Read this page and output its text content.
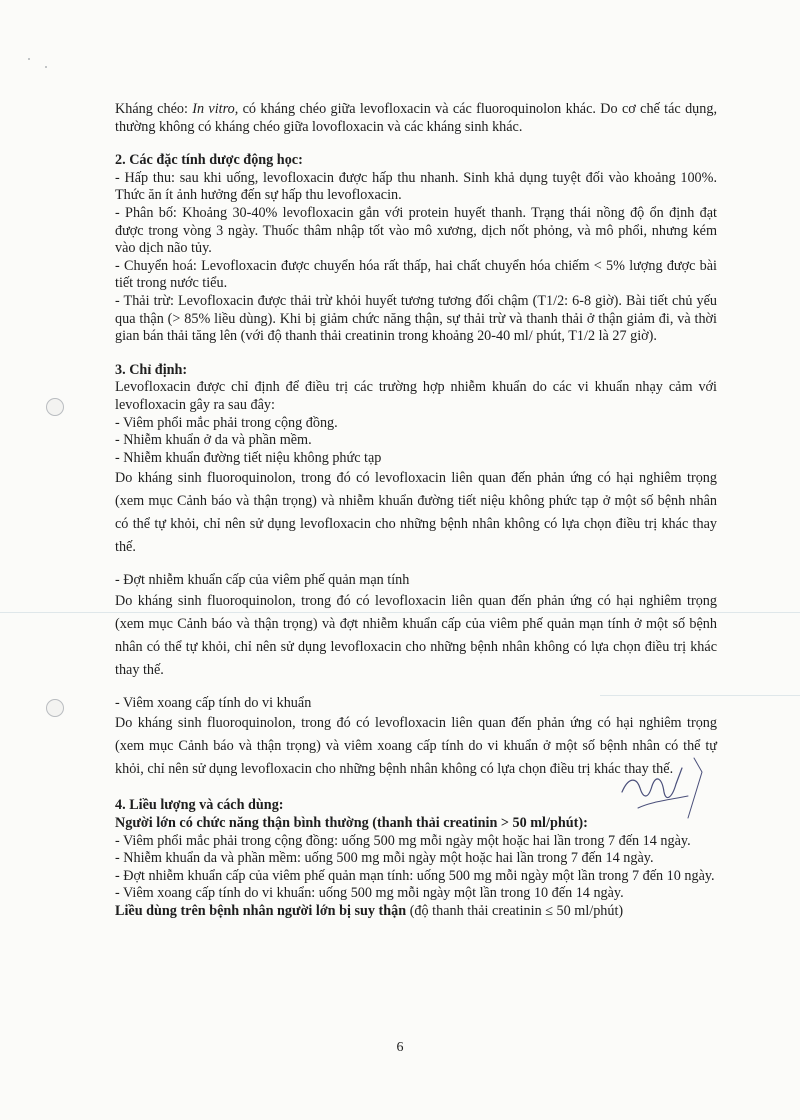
Kháng chéo: In vitro, có kháng chéo giữa levofloxacin và các fluoroquinolon khác. Do cơ chế tác dụng, thường không có kháng chéo giữa lovofloxacin và các kháng sinh khác.

2. Các đặc tính dược động học:

- Hấp thu: sau khi uống, levofloxacin được hấp thu nhanh. Sinh khả dụng tuyệt đối vào khoảng 100%. Thức ăn ít ảnh hưởng đến sự hấp thu levofloxacin.

- Phân bố: Khoảng 30-40% levofloxacin gắn với protein huyết thanh. Trạng thái nồng độ ổn định đạt được trong vòng 3 ngày. Thuốc thâm nhập tốt vào mô xương, dịch nốt phỏng, và mô phổi, nhưng kém vào dịch não tủy.

- Chuyển hoá: Levofloxacin được chuyển hóa rất thấp, hai chất chuyển hóa chiếm < 5% lượng được bài tiết trong nước tiểu.

- Thải trừ: Levofloxacin được thải trừ khỏi huyết tương tương đối chậm (T1/2: 6-8 giờ). Bài tiết chủ yếu qua thận (> 85% liều dùng). Khi bị giảm chức năng thận, sự thải trừ và thanh thải ở thận giảm đi, và thời gian bán thải tăng lên (với độ thanh thải creatinin trong khoảng 20-40 ml/ phút, T1/2 là 27 giờ).

3. Chỉ định:

Levofloxacin được chỉ định để điều trị các trường hợp nhiễm khuẩn do các vi khuẩn nhạy cảm với levofloxacin gây ra sau đây:

- Viêm phổi mắc phải trong cộng đồng.

- Nhiễm khuẩn ở da và phần mềm.

- Nhiễm khuẩn đường tiết niệu không phức tạp

Do kháng sinh fluoroquinolon, trong đó có levofloxacin liên quan đến phản ứng có hại nghiêm trọng (xem mục Cảnh báo và thận trọng) và nhiễm khuẩn đường tiết niệu không phức tạp ở một số bệnh nhân có thể tự khỏi, chỉ nên sử dụng levofloxacin cho những bệnh nhân không có lựa chọn điều trị khác thay thế.

- Đợt nhiễm khuẩn cấp của viêm phế quản mạn tính

Do kháng sinh fluoroquinolon, trong đó có levofloxacin liên quan đến phản ứng có hại nghiêm trọng (xem mục Cảnh báo và thận trọng) và đợt nhiễm khuẩn cấp của viêm phế quản mạn tính ở một số bệnh nhân có thể tự khỏi, chỉ nên sử dụng levofloxacin cho những bệnh nhân không có lựa chọn điều trị khác thay thế.

- Viêm xoang cấp tính do vi khuẩn

Do kháng sinh fluoroquinolon, trong đó có levofloxacin liên quan đến phản ứng có hại nghiêm trọng (xem mục Cảnh báo và thận trọng) và viêm xoang cấp tính do vi khuẩn ở một số bệnh nhân có thể tự khỏi, chỉ nên sử dụng levofloxacin cho những bệnh nhân không có lựa chọn điều trị khác thay thế.

4. Liều lượng và cách dùng:

Người lớn có chức năng thận bình thường (thanh thải creatinin > 50 ml/phút):

- Viêm phổi mắc phải trong cộng đồng: uống 500 mg mỗi ngày một hoặc hai lần trong 7 đến 14 ngày.

- Nhiễm khuẩn da và phần mềm: uống 500 mg mỗi ngày một hoặc hai lần trong 7 đến 14 ngày.

- Đợt nhiễm khuẩn cấp của viêm phế quản mạn tính: uống 500 mg mỗi ngày một lần trong 7 đến 10 ngày.

- Viêm xoang cấp tính do vi khuẩn: uống 500 mg mỗi ngày một lần trong 10 đến 14 ngày.

Liều dùng trên bệnh nhân người lớn bị suy thận (độ thanh thải creatinin ≤ 50 ml/phút)

6
